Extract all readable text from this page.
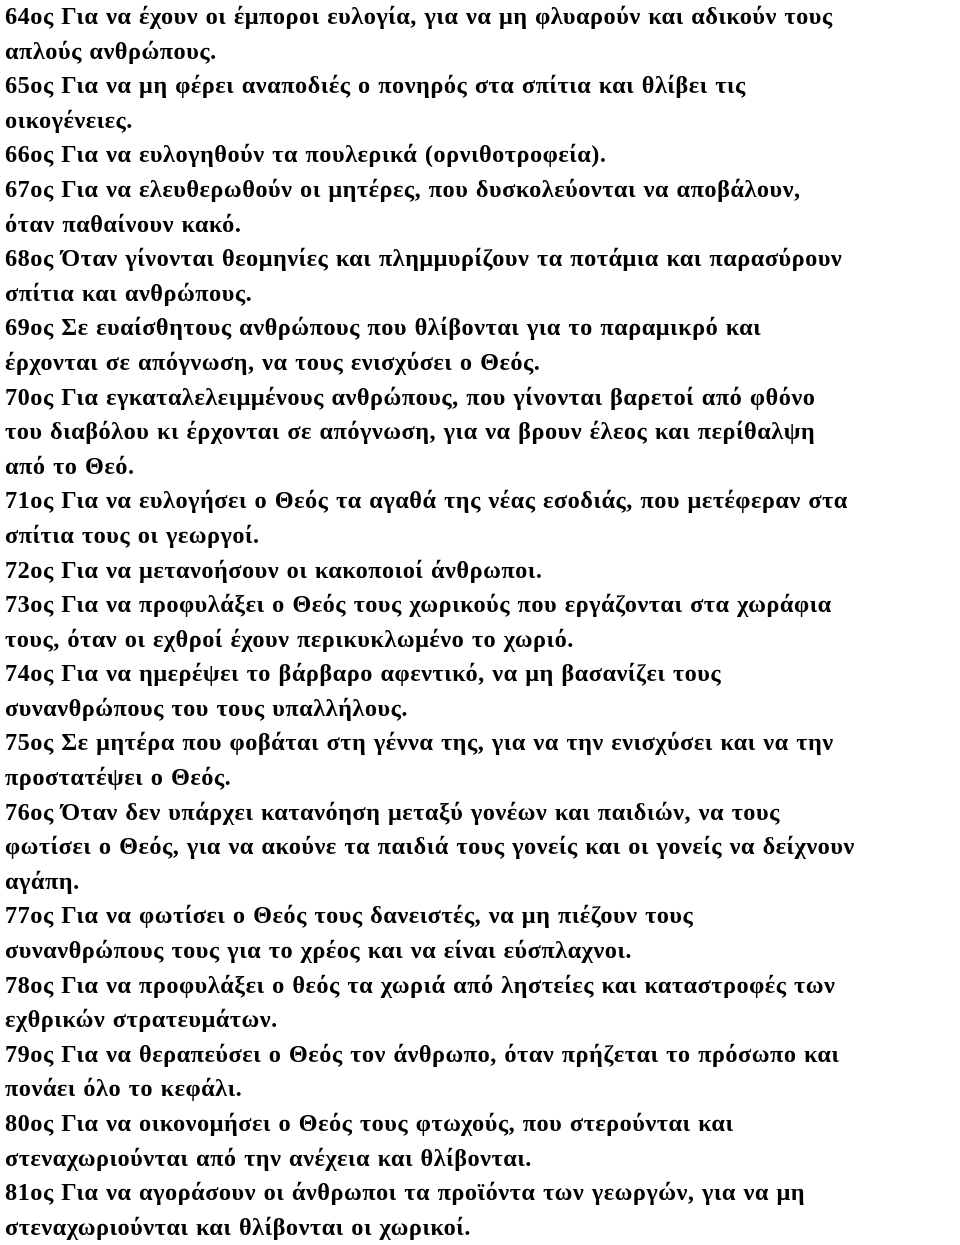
64ος Για να έχουν οι έμποροι ευλογία, για να μη φλυαρούν και αδικούν τους
απλούς ανθρώπους.
65ος Για να μη φέρει αναποδιές ο πονηρός στα σπίτια και θλίβει τις
οικογένειες.
66ος Για να ευλογηθούν τα πουλερικά (ορνιθοτροφεία).
67ος Για να ελευθερωθούν οι μητέρες, που δυσκολεύονται να αποβάλουν,
όταν παθαίνουν κακό.
68ος Όταν γίνονται θεομηνίες και πλημμυρίζουν τα ποτάμια και παρασύρουν
σπίτια και ανθρώπους.
69ος Σε ευαίσθητους ανθρώπους που θλίβονται για το παραμικρό και
έρχονται σε απόγνωση, να τους ενισχύσει ο Θεός.
70ος Για εγκαταλελειμμένους ανθρώπους, που γίνονται βαρετοί από φθόνο
του διαβόλου κι έρχονται σε απόγνωση, για να βρουν έλεος και περίθαλψη
από το Θεό.
71ος Για να ευλογήσει ο Θεός τα αγαθά της νέας εσοδιάς, που μετέφεραν στα
σπίτια τους οι γεωργοί.
72ος Για να μετανοήσουν οι κακοποιοί άνθρωποι.
73ος Για να προφυλάξει ο Θεός τους χωρικούς που εργάζονται στα χωράφια
τους, όταν οι εχθροί έχουν περικυκλωμένο το χωριό.
74ος Για να ημερέψει το βάρβαρο αφεντικό, να μη βασανίζει τους
συνανθρώπους του τους υπαλλήλους.
75ος Σε μητέρα που φοβάται στη γέννα της, για να την ενισχύσει και να την
προστατέψει ο Θεός.
76ος Όταν δεν υπάρχει κατανόηση μεταξύ γονέων και παιδιών, να τους
φωτίσει ο Θεός, για να ακούνε τα παιδιά τους γονείς και οι γονείς να δείχνουν
αγάπη.
77ος Για να φωτίσει ο Θεός τους δανειστές, να μη πιέζουν τους
συνανθρώπους τους για το χρέος και να είναι εύσπλαχνοι.
78ος Για να προφυλάξει ο θεός τα χωριά από ληστείες και καταστροφές των
εχθρικών στρατευμάτων.
79ος Για να θεραπεύσει ο Θεός τον άνθρωπο, όταν πρήζεται το πρόσωπο και
πονάει όλο το κεφάλι.
80ος Για να οικονομήσει ο Θεός τους φτωχούς, που στερούνται και
στεναχωριούνται από την ανέχεια και θλίβονται.
81ος Για να αγοράσουν οι άνθρωποι τα προϊόντα των γεωργών, για να μη
στεναχωριούνται και θλίβονται οι χωρικοί.
